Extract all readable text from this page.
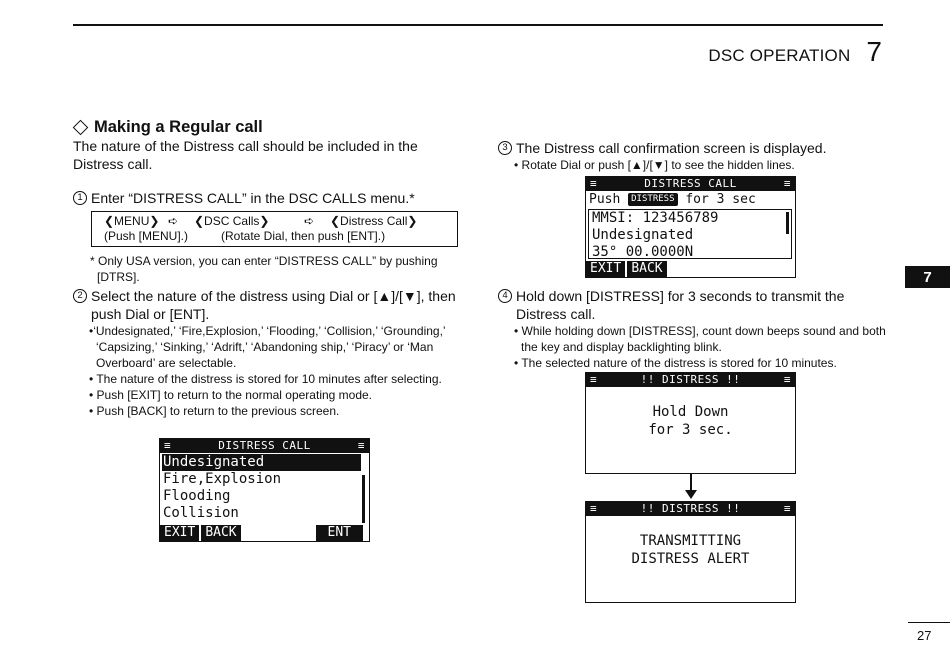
DSC OPERATION 7
7
27
Making a Regular call
The nature of the Distress call should be included in the Distress call.
1 Enter “DISTRESS CALL” in the DSC CALLS menu.*
❮MENU❯ ➪	❮DSC Calls❯	➪	❮Distress Call❯
(Push [MENU].)	(Rotate Dial, then push [ENT].)
* Only USA version, you can enter “DISTRESS CALL” by pushing [DTRS].
2 Select the nature of the distress using Dial or [▲]/[▼], then push Dial or [ENT].
•‘Undesignated,’ ‘Fire,Explosion,’ ‘Flooding,’ ‘Collision,’ ‘Grounding,’ ‘Capsizing,’ ‘Sinking,’ ‘Adrift,’ ‘Abandoning ship,’ ‘Piracy’ or ‘Man Overboard’ are selectable.
• The nature of the distress is stored for 10 minutes after selecting.
• Push [EXIT] to return to the normal operating mode.
• Push [BACK] to return to the previous screen.
≡	DISTRESS CALL	≡
Undesignated
Fire,Explosion
Flooding
Collision
EXIT BACK	ENT
3 The Distress call confirmation screen is displayed.
• Rotate Dial or push [▲]/[▼] to see the hidden lines.
≡	DISTRESS CALL	≡
Push DISTRESS for 3 sec
MMSI: 123456789
Undesignated
35° 00.0000N
EXIT BACK
4 Hold down [DISTRESS] for 3 seconds to transmit the Distress call.
• While holding down [DISTRESS], count down beeps sound and both the key and display backlighting blink.
• The selected nature of the distress is stored for 10 minutes.
≡	!! DISTRESS !!	≡
Hold Down
for 3 sec.
≡	!! DISTRESS !!	≡
TRANSMITTING
DISTRESS ALERT
